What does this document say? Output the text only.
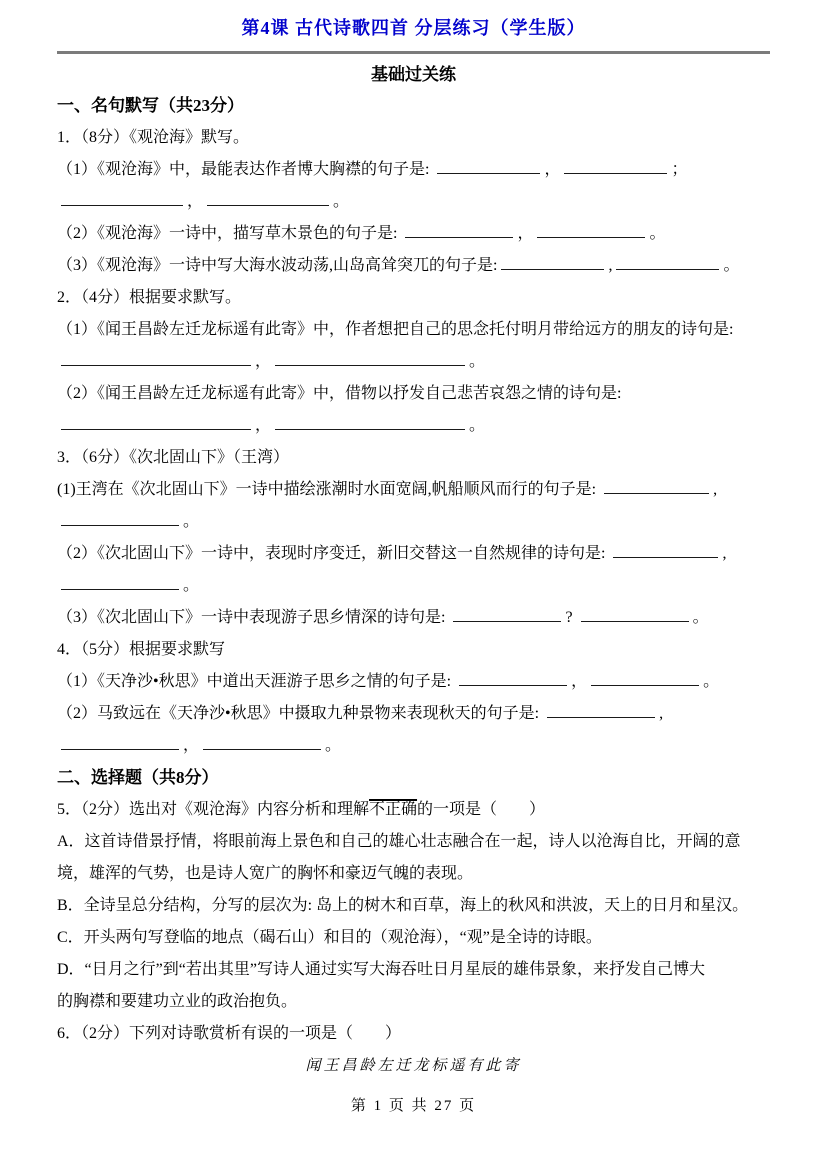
第4课 古代诗歌四首 分层练习（学生版）
基础过关练
一、名句默写（共23分）
1．（8分）《观沧海》默写。
（1）《观沧海》中，最能表达作者博大胸襟的句子是:	，	；
，	。
（2）《观沧海》一诗中，描写草木景色的句子是:	，	。
（3）《观沧海》一诗中写大海水波动荡,山岛高耸突兀的句子是:	,	。
2．（4分）根据要求默写。
（1）《闻王昌龄左迁龙标遥有此寄》中，作者想把自己的思念托付明月带给远方的朋友的诗句是:
，	。
（2）《闻王昌龄左迁龙标遥有此寄》中，借物以抒发自己悲苦哀怨之情的诗句是:
，	。
3．（6分）《次北固山下》（王湾）
(1)王湾在《次北固山下》一诗中描绘涨潮时水面宽阔,帆船顺风而行的句子是:	,
。
（2）《次北固山下》一诗中，表现时序变迁，新旧交替这一自然规律的诗句是:	,
。
（3）《次北固山下》一诗中表现游子思乡情深的诗句是:	?	。
4．（5分）根据要求默写
（1）《天净沙•秋思》中道出天涯游子思乡之情的句子是:	，	。
（2）马致远在《天净沙•秋思》中摄取九种景物来表现秋天的句子是:	,
，	。
二、选择题（共8分）
5．（2分）选出对《观沧海》内容分析和理解不正确的一项是（　　）
A．这首诗借景抒情，将眼前海上景色和自己的雄心壮志融合在一起，诗人以沧海自比，开阔的意
境，雄浑的气势，也是诗人宽广的胸怀和豪迈气魄的表现。
B．全诗呈总分结构，分写的层次为: 岛上的树木和百草，海上的秋风和洪波，天上的日月和星汉。
C．开头两句写登临的地点（碣石山）和目的（观沧海），“观”是全诗的诗眼。
D．“日月之行”到“若出其里”写诗人通过实写大海吞吐日月星辰的雄伟景象，来抒发自己博大
的胸襟和要建功立业的政治抱负。
6．（2分）下列对诗歌赏析有误的一项是（　　）
闻王昌龄左迁龙标遥有此寄
第 1 页 共 27 页
